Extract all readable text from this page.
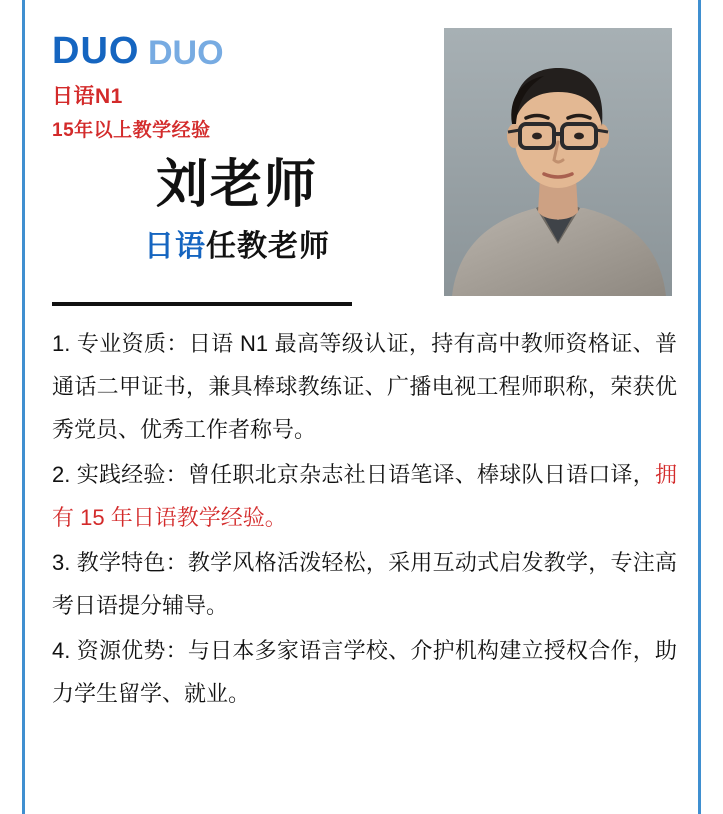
DUO DUO
日语N1
15年以上教学经验
刘老师
日语任教老师

1. 专业资质：日语 N1 最高等级认证，持有高中教师资格证、普通话二甲证书，兼具棒球教练证、广播电视工程师职称，荣获优秀党员、优秀工作者称号。

2. 实践经验：曾任职北京杂志社日语笔译、棒球队日语口译，拥有 15 年日语教学经验。

3. 教学特色：教学风格活泼轻松，采用互动式启发教学，专注高考日语提分辅导。

4. 资源优势：与日本多家语言学校、介护机构建立授权合作，助力学生留学、就业。
